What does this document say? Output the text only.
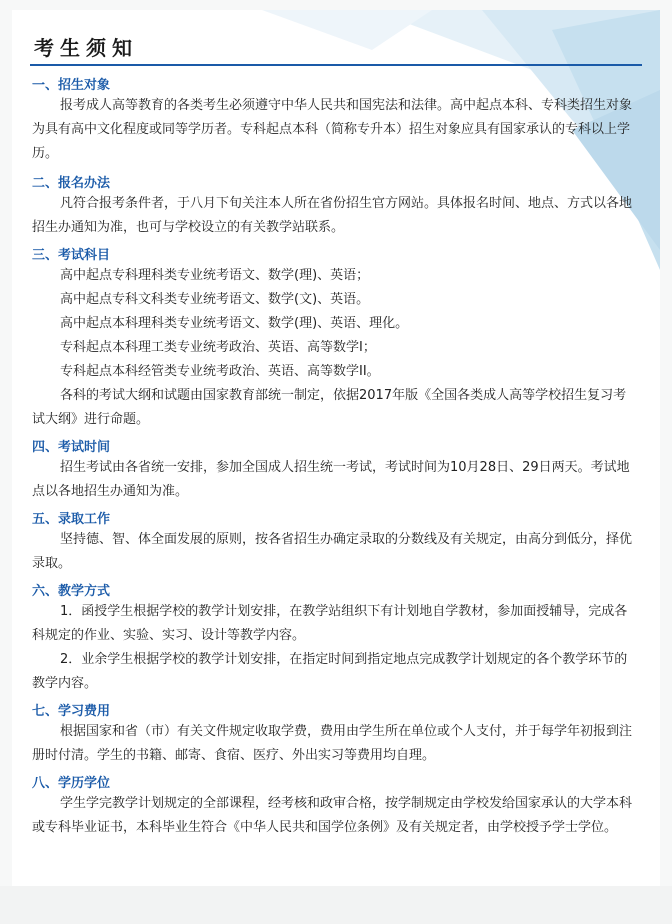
考生须知
一、招生对象
报考成人高等教育的各类考生必须遵守中华人民共和国宪法和法律。高中起点本科、专科类招生对象为具有高中文化程度或同等学历者。专科起点本科（简称专升本）招生对象应具有国家承认的专科以上学历。
二、报名办法
凡符合报考条件者，于八月下旬关注本人所在省份招生官方网站。具体报名时间、地点、方式以各地招生办通知为准，也可与学校设立的有关教学站联系。
三、考试科目
高中起点专科理科类专业统考语文、数学(理)、英语；
高中起点专科文科类专业统考语文、数学(文)、英语。
高中起点本科理科类专业统考语文、数学(理)、英语、理化。
专科起点本科理工类专业统考政治、英语、高等数学I；
专科起点本科经管类专业统考政治、英语、高等数学II。
各科的考试大纲和试题由国家教育部统一制定，依据2017年版《全国各类成人高等学校招生复习考试大纲》进行命题。
四、考试时间
招生考试由各省统一安排，参加全国成人招生统一考试，考试时间为10月28日、29日两天。考试地点以各地招生办通知为准。
五、录取工作
坚持德、智、体全面发展的原则，按各省招生办确定录取的分数线及有关规定，由高分到低分，择优录取。
六、教学方式
1．函授学生根据学校的教学计划安排，在教学站组织下有计划地自学教材，参加面授辅导，完成各科规定的作业、实验、实习、设计等教学内容。
2．业余学生根据学校的教学计划安排，在指定时间到指定地点完成教学计划规定的各个教学环节的教学内容。
七、学习费用
根据国家和省（市）有关文件规定收取学费，费用由学生所在单位或个人支付，并于每学年初报到注册时付清。学生的书籍、邮寄、食宿、医疗、外出实习等费用均自理。
八、学历学位
学生学完教学计划规定的全部课程，经考核和政审合格，按学制规定由学校发给国家承认的大学本科或专科毕业证书，本科毕业生符合《中华人民共和国学位条例》及有关规定者，由学校授予学士学位。
